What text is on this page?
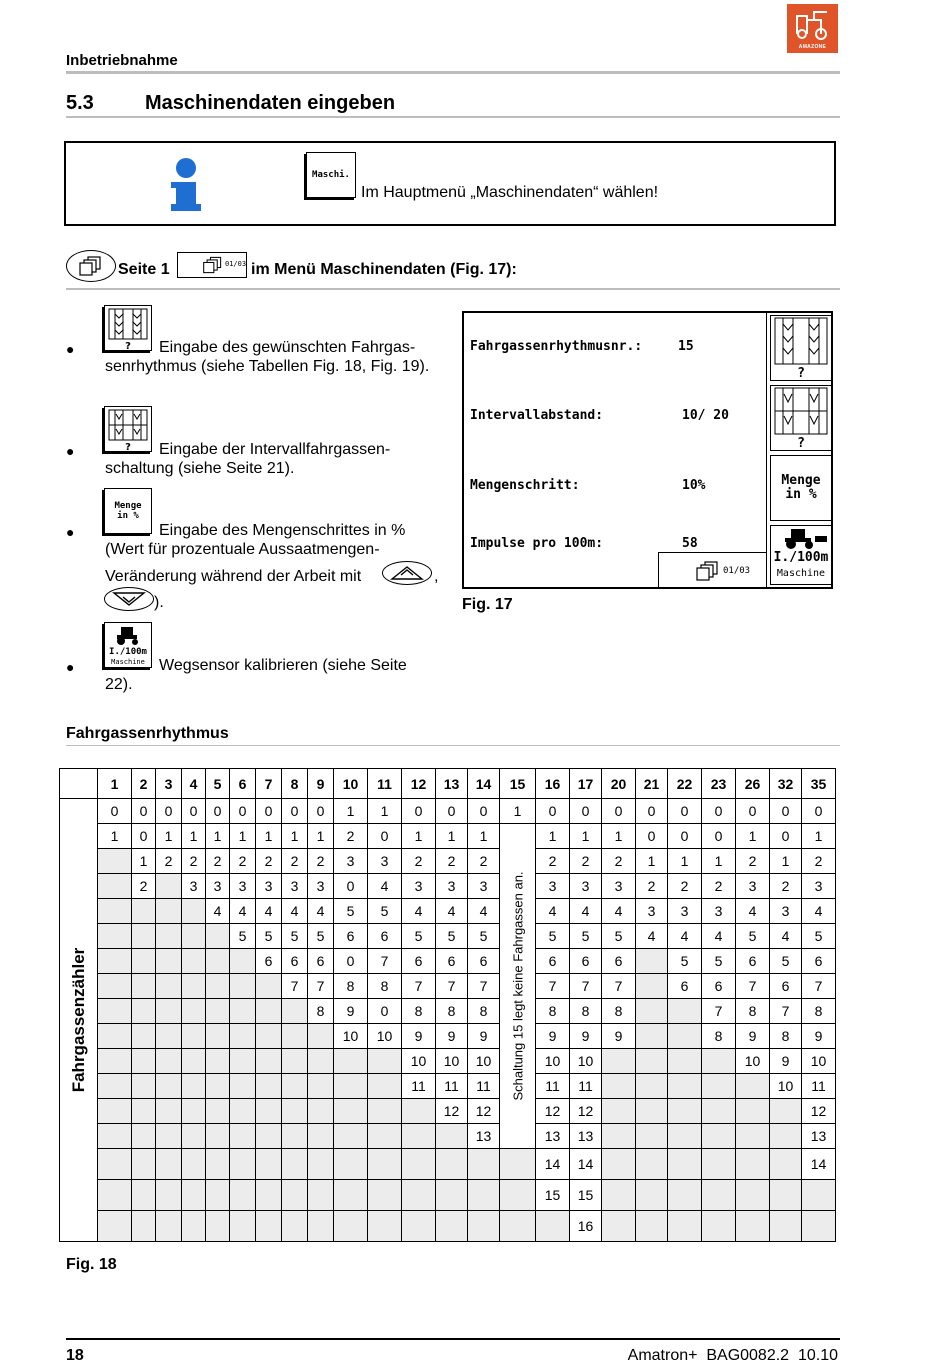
Inbetriebnahme
AMAZONE
5.3	Maschinendaten eingeben
Maschi.
Im Hauptmenü „Maschinendaten“ wählen!
Seite 1	01/03 im Menü Maschinendaten (Fig. 17):
●	? Eingabe des gewünschten Fahrgas-
senrhythmus (siehe Tabellen Fig. 18, Fig. 19).
●	? Eingabe der Intervallfahrgassen-
schaltung (siehe Seite 21).
●
Menge in %
Eingabe des Mengenschrittes in %
(Wert für prozentuale Aussaatmengen-
Veränderung während der Arbeit mit	,
).
●
I./100m
Maschine Wegsensor kalibrieren (siehe Seite
22).
Fahrgassenrhythmusnr.:	15
Intervallabstand:	10/ 20
Mengenschritt:	10%
Impulse pro 100m:	58
01/03
?
?
Menge in %
I./100m
Maschine
Fig. 17
Fahrgassenrhythmus
	1	2	3	4	5	6	7	8	9	10	11	12	13	14	15	16	17	20	21	22	23	26	32	35

Fahrgassenzähler	0	0	0	0	0	0	0	0	0	1	1	0	0	0	1	0	0	0	0	0	0	0	0	0
	1	0	1	1	1	1	1	1	1	2	0	1	1	1	Schaltung 15 legt keine Fahrgassen an.	1	1	1	0	0	0	1	0	1
		1	2	2	2	2	2	2	2	3	3	2	2	2		2	2	2	1	1	1	2	1	2
		2		3	3	3	3	3	3	0	4	3	3	3		3	3	3	2	2	2	3	2	3
					4	4	4	4	4	5	5	4	4	4		4	4	4	3	3	3	4	3	4
						5	5	5	5	6	6	5	5	5		5	5	5	4	4	4	5	4	5
							6	6	6	0	7	6	6	6		6	6	6		5	5	6	5	6
								7	7	8	8	7	7	7		7	7	7		6	6	7	6	7
									8	9	0	8	8	8		8	8	8			7	8	7	8
										10	10	9	9	9		9	9	9			8	9	8	9
												10	10	10		10	10					10	9	10
												11	11	11		11	11						10	11
													12	12		12	12							12
														13		13	13							13
																14	14							14
																15	15							
																	16							
Fig. 18
18	Amatron+  BAG0082.2  10.10
